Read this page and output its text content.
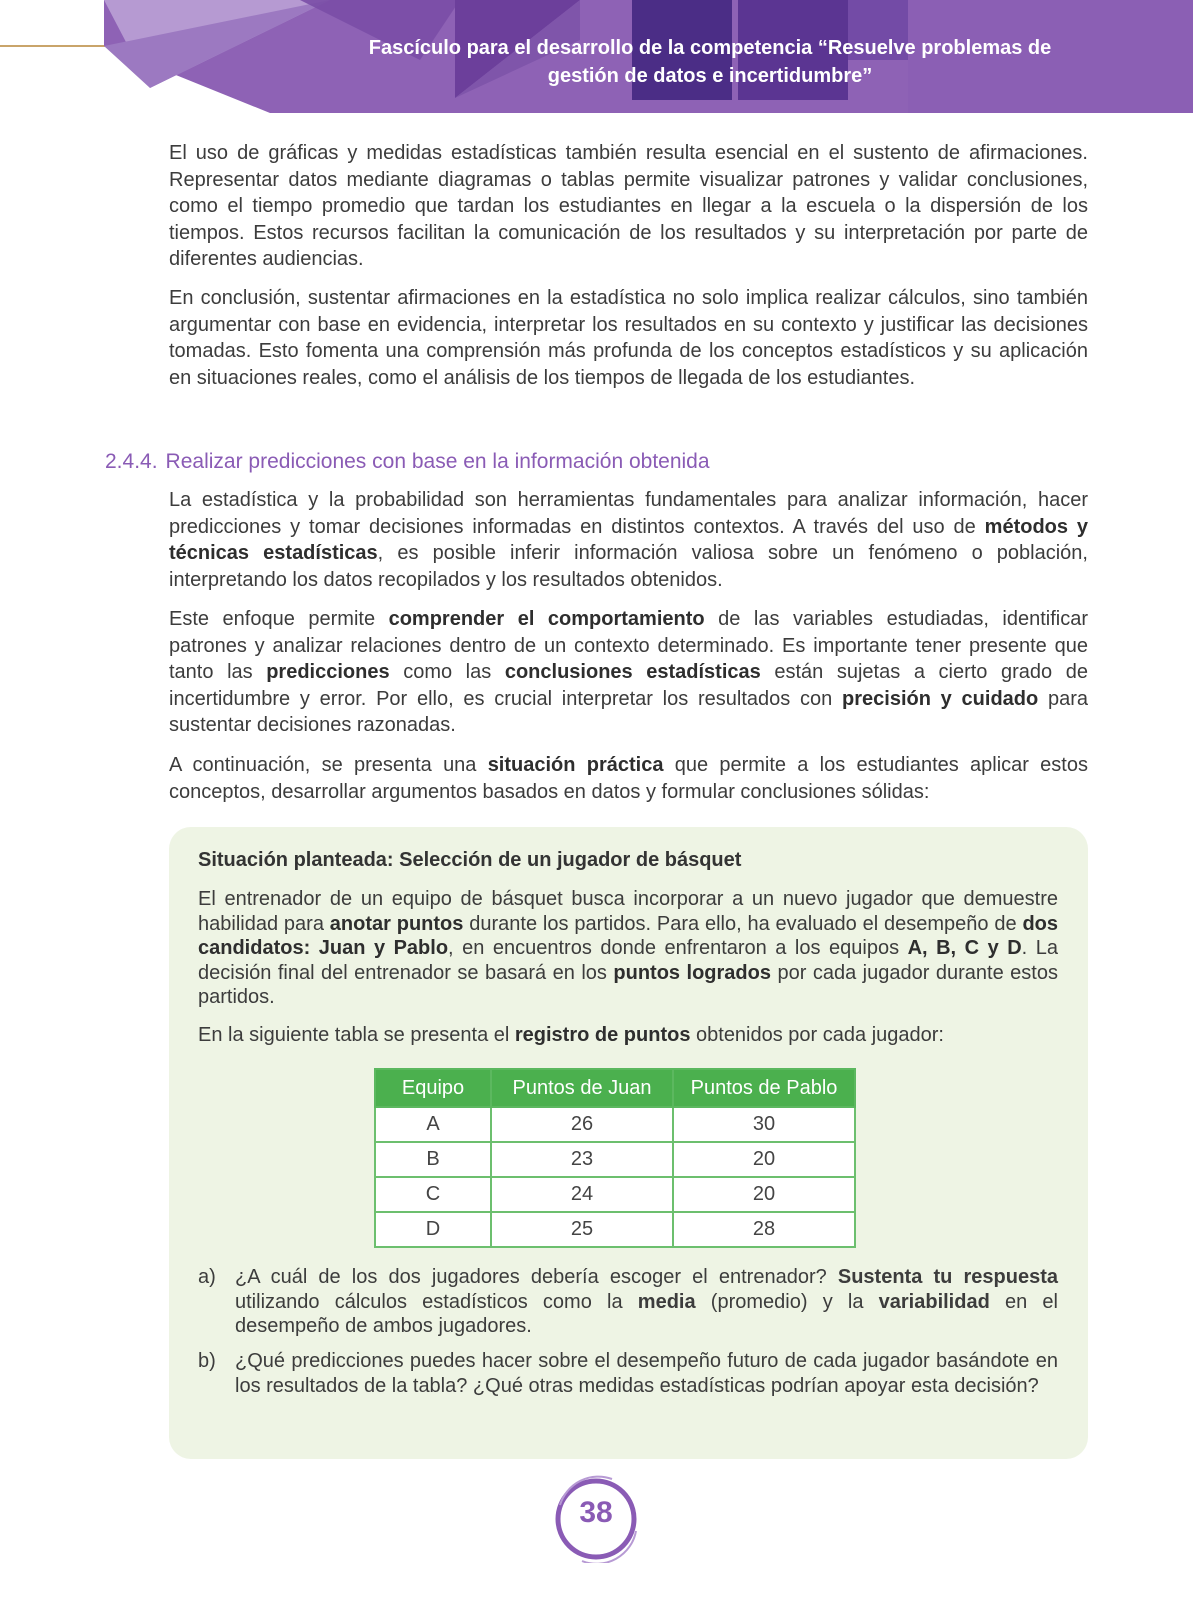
Fascículo para el desarrollo de la competencia “Resuelve problemas de
gestión de datos e incertidumbre”

El uso de gráficas y medidas estadísticas también resulta esencial en el sustento de afirmaciones. Representar datos mediante diagramas o tablas permite visualizar patrones y validar conclusiones, como el tiempo promedio que tardan los estudiantes en llegar a la escuela o la dispersión de los tiempos. Estos recursos facilitan la comunicación de los resultados y su interpretación por parte de diferentes audiencias.

En conclusión, sustentar afirmaciones en la estadística no solo implica realizar cálculos, sino también argumentar con base en evidencia, interpretar los resultados en su contexto y justificar las decisiones tomadas. Esto fomenta una comprensión más profunda de los conceptos estadísticos y su aplicación en situaciones reales, como el análisis de los tiempos de llegada de los estudiantes.

2.4.4. Realizar predicciones con base en la información obtenida

La estadística y la probabilidad son herramientas fundamentales para analizar información, hacer predicciones y tomar decisiones informadas en distintos contextos. A través del uso de métodos y técnicas estadísticas, es posible inferir información valiosa sobre un fenómeno o población, interpretando los datos recopilados y los resultados obtenidos.

Este enfoque permite comprender el comportamiento de las variables estudiadas, identificar patrones y analizar relaciones dentro de un contexto determinado. Es importante tener presente que tanto las predicciones como las conclusiones estadísticas están sujetas a cierto grado de incertidumbre y error. Por ello, es crucial interpretar los resultados con precisión y cuidado para sustentar decisiones razonadas.

A continuación, se presenta una situación práctica que permite a los estudiantes aplicar estos conceptos, desarrollar argumentos basados en datos y formular conclusiones sólidas:

Situación planteada: Selección de un jugador de básquet

El entrenador de un equipo de básquet busca incorporar a un nuevo jugador que demuestre habilidad para anotar puntos durante los partidos. Para ello, ha evaluado el desempeño de dos candidatos: Juan y Pablo, en encuentros donde enfrentaron a los equipos A, B, C y D. La decisión final del entrenador se basará en los puntos logrados por cada jugador durante estos partidos.

En la siguiente tabla se presenta el registro de puntos obtenidos por cada jugador:

Equipo	Puntos de Juan	Puntos de Pablo
A	26	30
B	23	20
C	24	20
D	25	28
a) ¿A cuál de los dos jugadores debería escoger el entrenador? Sustenta tu respuesta utilizando cálculos estadísticos como la media (promedio) y la variabilidad en el desempeño de ambos jugadores.
b) ¿Qué predicciones puedes hacer sobre el desempeño futuro de cada jugador basándote en los resultados de la tabla? ¿Qué otras medidas estadísticas podrían apoyar esta decisión?
38
